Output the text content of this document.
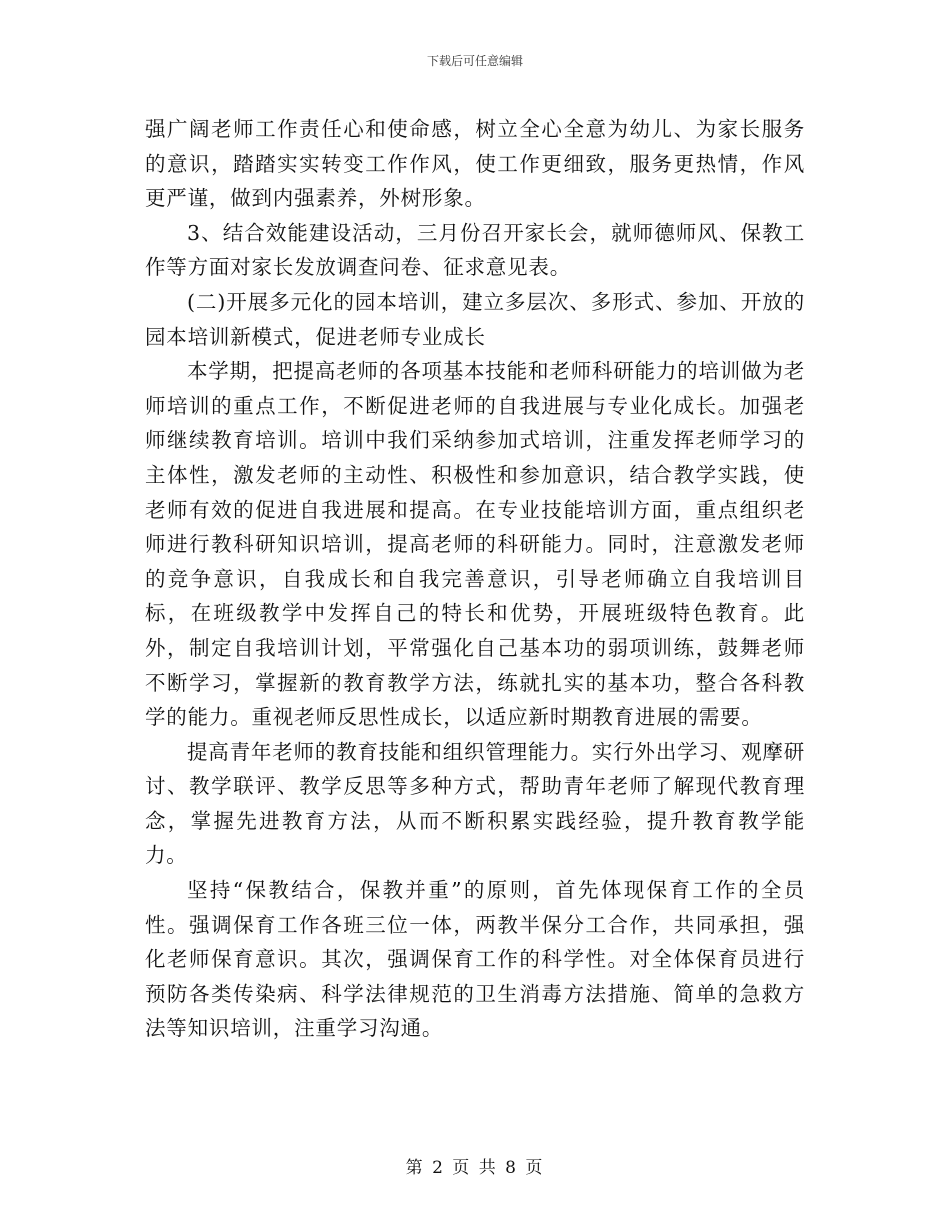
下载后可任意编辑

强广阔老师工作责任心和使命感，树立全心全意为幼儿、为家长服务的意识，踏踏实实转变工作作风，使工作更细致，服务更热情，作风更严谨，做到内强素养，外树形象。

3、结合效能建设活动，三月份召开家长会，就师德师风、保教工作等方面对家长发放调查问卷、征求意见表。

(二)开展多元化的园本培训，建立多层次、多形式、参加、开放的园本培训新模式，促进老师专业成长

本学期，把提高老师的各项基本技能和老师科研能力的培训做为老师培训的重点工作，不断促进老师的自我进展与专业化成长。加强老师继续教育培训。培训中我们采纳参加式培训，注重发挥老师学习的主体性，激发老师的主动性、积极性和参加意识，结合教学实践，使老师有效的促进自我进展和提高。在专业技能培训方面，重点组织老师进行教科研知识培训，提高老师的科研能力。同时，注意激发老师的竞争意识，自我成长和自我完善意识，引导老师确立自我培训目标，在班级教学中发挥自己的特长和优势，开展班级特色教育。此外，制定自我培训计划，平常强化自己基本功的弱项训练，鼓舞老师不断学习，掌握新的教育教学方法，练就扎实的基本功，整合各科教学的能力。重视老师反思性成长，以适应新时期教育进展的需要。

提高青年老师的教育技能和组织管理能力。实行外出学习、观摩研讨、教学联评、教学反思等多种方式，帮助青年老师了解现代教育理念，掌握先进教育方法，从而不断积累实践经验，提升教育教学能力。

坚持“保教结合，保教并重”的原则，首先体现保育工作的全员性。强调保育工作各班三位一体，两教半保分工合作，共同承担，强化老师保育意识。其次，强调保育工作的科学性。对全体保育员进行预防各类传染病、科学法律规范的卫生消毒方法措施、简单的急救方法等知识培训，注重学习沟通。

第 2 页 共 8 页
